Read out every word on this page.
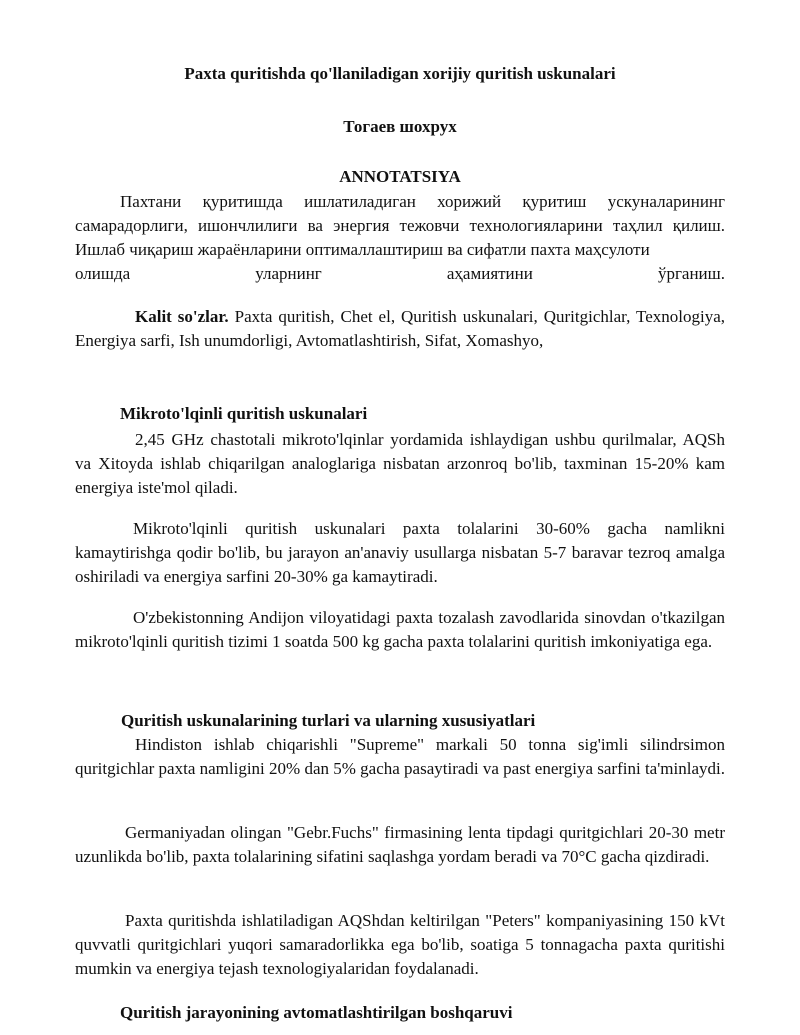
Paxta quritishda qo'llaniladigan xorijiy quritish uskunalari
Тогаев шохрух
ANNOTATSIYA
Пахтани қуритишда ишлатиладиган хорижий қуритиш ускуналарининг самарадорлиги, ишончлилиги ва энергия тежовчи технологияларини таҳлил қилиш. Ишлаб чиқариш жараёнларини оптималлаштириш ва сифатли пахта маҳсулоти
олишда уларнинг аҳамиятини ўрганиш.
Kalit so'zlar. Paxta quritish, Chet el, Quritish uskunalari, Quritgichlar, Texnologiya, Energiya sarfi, Ish unumdorligi, Avtomatlashtirish, Sifat, Xomashyo,
Mikroto'lqinli quritish uskunalari
2,45 GHz chastotali mikroto'lqinlar yordamida ishlaydigan ushbu qurilmalar, AQSh va Xitoyda ishlab chiqarilgan analoglariga nisbatan arzonroq bo'lib, taxminan 15-20% kam energiya iste'mol qiladi.
Mikroto'lqinli quritish uskunalari paxta tolalarini 30-60% gacha namlikni kamaytirishga qodir bo'lib, bu jarayon an'anaviy usullarga nisbatan 5-7 baravar tezroq amalga oshiriladi va energiya sarfini 20-30% ga kamaytiradi.
O'zbekistonning Andijon viloyatidagi paxta tozalash zavodlarida sinovdan o'tkazilgan mikroto'lqinli quritish tizimi 1 soatda 500 kg gacha paxta tolalarini quritish imkoniyatiga ega.
Quritish uskunalarining turlari va ularning xususiyatlari
Hindiston ishlab chiqarishli "Supreme" markali 50 tonna sig'imli silindrsimon quritgichlar paxta namligini 20% dan 5% gacha pasaytiradi va past energiya sarfini ta'minlaydi.
Germaniyadan olingan "Gebr.Fuchs" firmasining lenta tipdagi quritgichlari 20-30 metr uzunlikda bo'lib, paxta tolalarining sifatini saqlashga yordam beradi va 70°C gacha qizdiradi.
Paxta quritishda ishlatiladigan AQShdan keltirilgan "Peters" kompaniyasining 150 kVt quvvatli quritgichlari yuqori samaradorlikka ega bo'lib, soatiga 5 tonnagacha paxta quritishi mumkin va energiya tejash texnologiyalaridan foydalanadi.
Quritish jarayonining avtomatlashtirilgan boshqaruvi
